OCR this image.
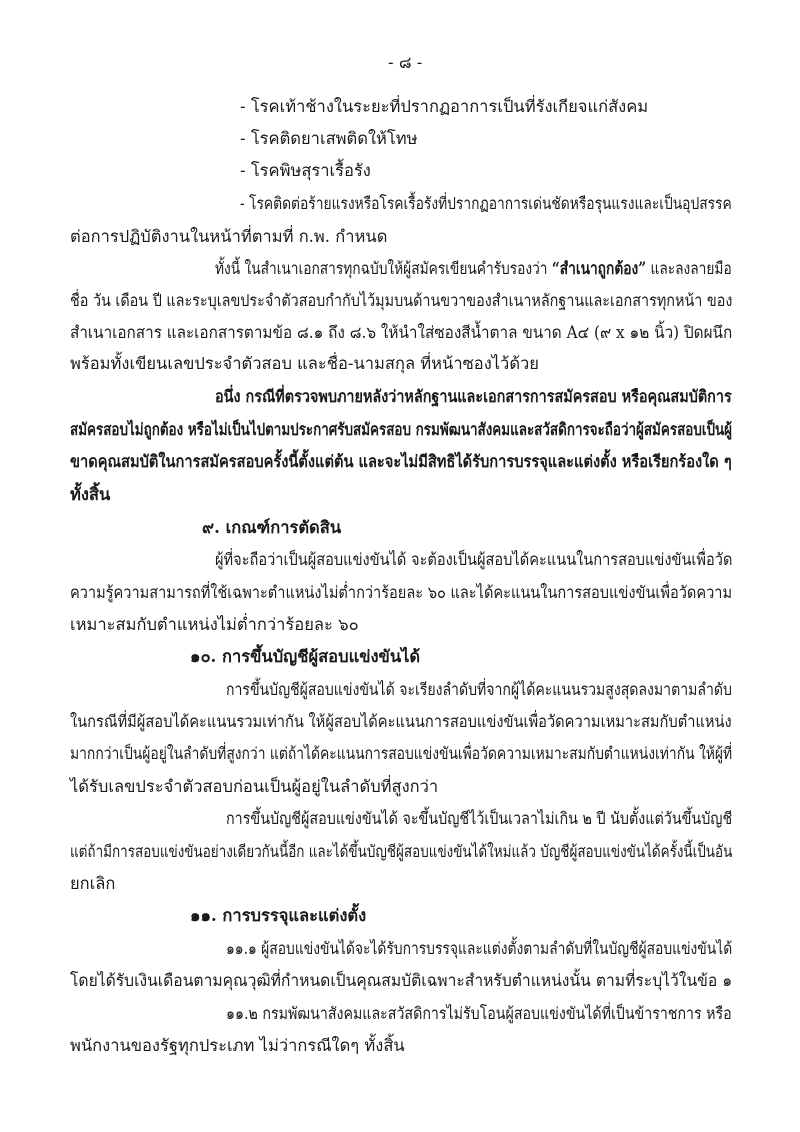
- ๘ -
- โรคเท้าช้างในระยะที่ปรากฏอาการเป็นที่รังเกียจแก่สังคม
- โรคติดยาเสพติดให้โทษ
- โรคพิษสุราเรื้อรัง
- โรคติดต่อร้ายแรงหรือโรคเรื้อรังที่ปรากฏอาการเด่นชัดหรือรุนแรงและเป็นอุปสรรค
ต่อการปฏิบัติงานในหน้าที่ตามที่ ก.พ. กำหนด
ทั้งนี้ ในสำเนาเอกสารทุกฉบับให้ผู้สมัครเขียนคำรับรองว่า “สำเนาถูกต้อง” และลงลายมือ
ชื่อ วัน เดือน ปี และระบุเลขประจำตัวสอบกำกับไว้มุมบนด้านขวาของสำเนาหลักฐานและเอกสารทุกหน้า ของ
สำเนาเอกสาร และเอกสารตามข้อ ๘.๑ ถึง ๘.๖ ให้นำใส่ซองสีน้ำตาล ขนาด A๔ (๙ x ๑๒ นิ้ว) ปิดผนึก
พร้อมทั้งเขียนเลขประจำตัวสอบ และชื่อ-นามสกุล ที่หน้าซองไว้ด้วย
อนึ่ง กรณีที่ตรวจพบภายหลังว่าหลักฐานและเอกสารการสมัครสอบ หรือคุณสมบัติการ
สมัครสอบไม่ถูกต้อง หรือไม่เป็นไปตามประกาศรับสมัครสอบ กรมพัฒนาสังคมและสวัสดิการจะถือว่าผู้สมัครสอบเป็นผู้
ขาดคุณสมบัติในการสมัครสอบครั้งนี้ตั้งแต่ต้น และจะไม่มีสิทธิได้รับการบรรจุและแต่งตั้ง หรือเรียกร้องใด ๆ
ทั้งสิ้น
๙. เกณฑ์การตัดสิน
ผู้ที่จะถือว่าเป็นผู้สอบแข่งขันได้ จะต้องเป็นผู้สอบได้คะแนนในการสอบแข่งขันเพื่อวัด
ความรู้ความสามารถที่ใช้เฉพาะตำแหน่งไม่ต่ำกว่าร้อยละ ๖๐ และได้คะแนนในการสอบแข่งขันเพื่อวัดความ
เหมาะสมกับตำแหน่งไม่ต่ำกว่าร้อยละ ๖๐
๑๐. การขึ้นบัญชีผู้สอบแข่งขันได้
การขึ้นบัญชีผู้สอบแข่งขันได้ จะเรียงลำดับที่จากผู้ได้คะแนนรวมสูงสุดลงมาตามลำดับ
ในกรณีที่มีผู้สอบได้คะแนนรวมเท่ากัน ให้ผู้สอบได้คะแนนการสอบแข่งขันเพื่อวัดความเหมาะสมกับตำแหน่ง
มากกว่าเป็นผู้อยู่ในลำดับที่สูงกว่า แต่ถ้าได้คะแนนการสอบแข่งขันเพื่อวัดความเหมาะสมกับตำแหน่งเท่ากัน ให้ผู้ที่
ได้รับเลขประจำตัวสอบก่อนเป็นผู้อยู่ในลำดับที่สูงกว่า
การขึ้นบัญชีผู้สอบแข่งขันได้ จะขึ้นบัญชีไว้เป็นเวลาไม่เกิน ๒ ปี นับตั้งแต่วันขึ้นบัญชี
แต่ถ้ามีการสอบแข่งขันอย่างเดียวกันนี้อีก และได้ขึ้นบัญชีผู้สอบแข่งขันได้ใหม่แล้ว บัญชีผู้สอบแข่งขันได้ครั้งนี้เป็นอัน
ยกเลิก
๑๑. การบรรจุและแต่งตั้ง
๑๑.๑ ผู้สอบแข่งขันได้จะได้รับการบรรจุและแต่งตั้งตามลำดับที่ในบัญชีผู้สอบแข่งขันได้
โดยได้รับเงินเดือนตามคุณวุฒิที่กำหนดเป็นคุณสมบัติเฉพาะสำหรับตำแหน่งนั้น ตามที่ระบุไว้ในข้อ ๑
๑๑.๒ กรมพัฒนาสังคมและสวัสดิการไม่รับโอนผู้สอบแข่งขันได้ที่เป็นข้าราชการ หรือ
พนักงานของรัฐทุกประเภท ไม่ว่ากรณีใดๆ ทั้งสิ้น
